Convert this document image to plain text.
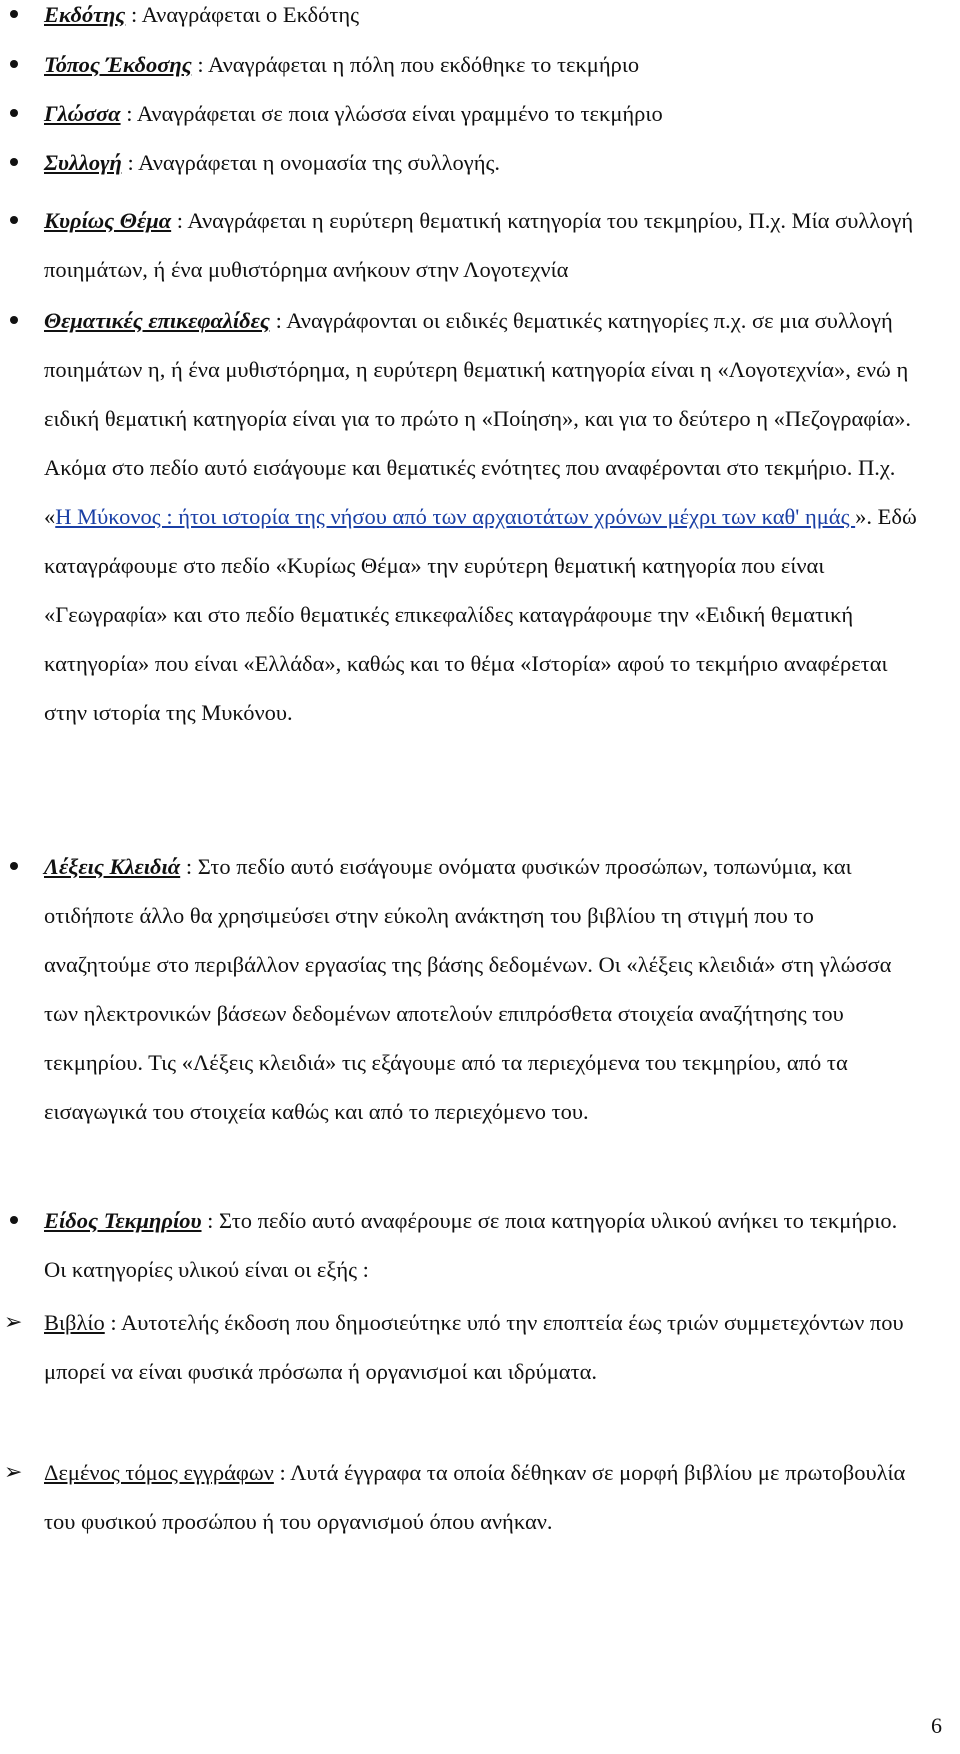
Εκδότης : Αναγράφεται ο Εκδότης
Τόπος Έκδοσης : Αναγράφεται η πόλη που εκδόθηκε το τεκμήριο
Γλώσσα : Αναγράφεται σε ποια γλώσσα είναι γραμμένο το τεκμήριο
Συλλογή : Αναγράφεται η ονομασία της συλλογής.
Κυρίως Θέμα : Αναγράφεται η ευρύτερη θεματική κατηγορία του τεκμηρίου, Π.χ. Μία συλλογή ποιημάτων, ή ένα μυθιστόρημα ανήκουν στην Λογοτεχνία
Θεματικές επικεφαλίδες : Αναγράφονται οι ειδικές θεματικές κατηγορίες π.χ. σε μια συλλογή ποιημάτων η, ή ένα μυθιστόρημα, η ευρύτερη θεματική κατηγορία είναι η «Λογοτεχνία», ενώ η ειδική θεματική κατηγορία είναι για το πρώτο η «Ποίηση», και για το δεύτερο η «Πεζογραφία». Ακόμα στο πεδίο αυτό εισάγουμε και θεματικές ενότητες που αναφέρονται στο τεκμήριο. Π.χ. «Η Μύκονος : ήτοι ιστορία της νήσου από των αρχαιοτάτων χρόνων μέχρι των καθ' ημάς ». Εδώ καταγράφουμε στο πεδίο «Κυρίως Θέμα» την ευρύτερη θεματική κατηγορία που είναι «Γεωγραφία» και στο πεδίο θεματικές επικεφαλίδες καταγράφουμε την «Ειδική θεματική κατηγορία» που είναι «Ελλάδα», καθώς και το θέμα «Ιστορία» αφού το τεκμήριο αναφέρεται στην ιστορία της Μυκόνου.
Λέξεις Κλειδιά : Στο πεδίο αυτό εισάγουμε ονόματα φυσικών προσώπων, τοπωνύμια, και οτιδήποτε άλλο θα χρησιμεύσει στην εύκολη ανάκτηση του βιβλίου τη στιγμή που το αναζητούμε στο περιβάλλον εργασίας της βάσης δεδομένων. Οι «λέξεις κλειδιά» στη γλώσσα των ηλεκτρονικών βάσεων δεδομένων αποτελούν επιπρόσθετα στοιχεία αναζήτησης του τεκμηρίου. Τις «Λέξεις κλειδιά» τις εξάγουμε από τα περιεχόμενα του τεκμηρίου, από τα εισαγωγικά του στοιχεία καθώς και από το περιεχόμενο του.
Είδος Τεκμηρίου : Στο πεδίο αυτό αναφέρουμε σε ποια κατηγορία υλικού ανήκει το τεκμήριο. Οι κατηγορίες υλικού είναι οι εξής :
➢ Βιβλίο : Αυτοτελής έκδοση που δημοσιεύτηκε υπό την εποπτεία έως τριών συμμετεχόντων που μπορεί να είναι φυσικά πρόσωπα ή οργανισμοί και ιδρύματα.
➢ Δεμένος τόμος εγγράφων : Λυτά έγγραφα τα οποία δέθηκαν σε μορφή βιβλίου με πρωτοβουλία του φυσικού προσώπου ή του οργανισμού όπου ανήκαν.
6
